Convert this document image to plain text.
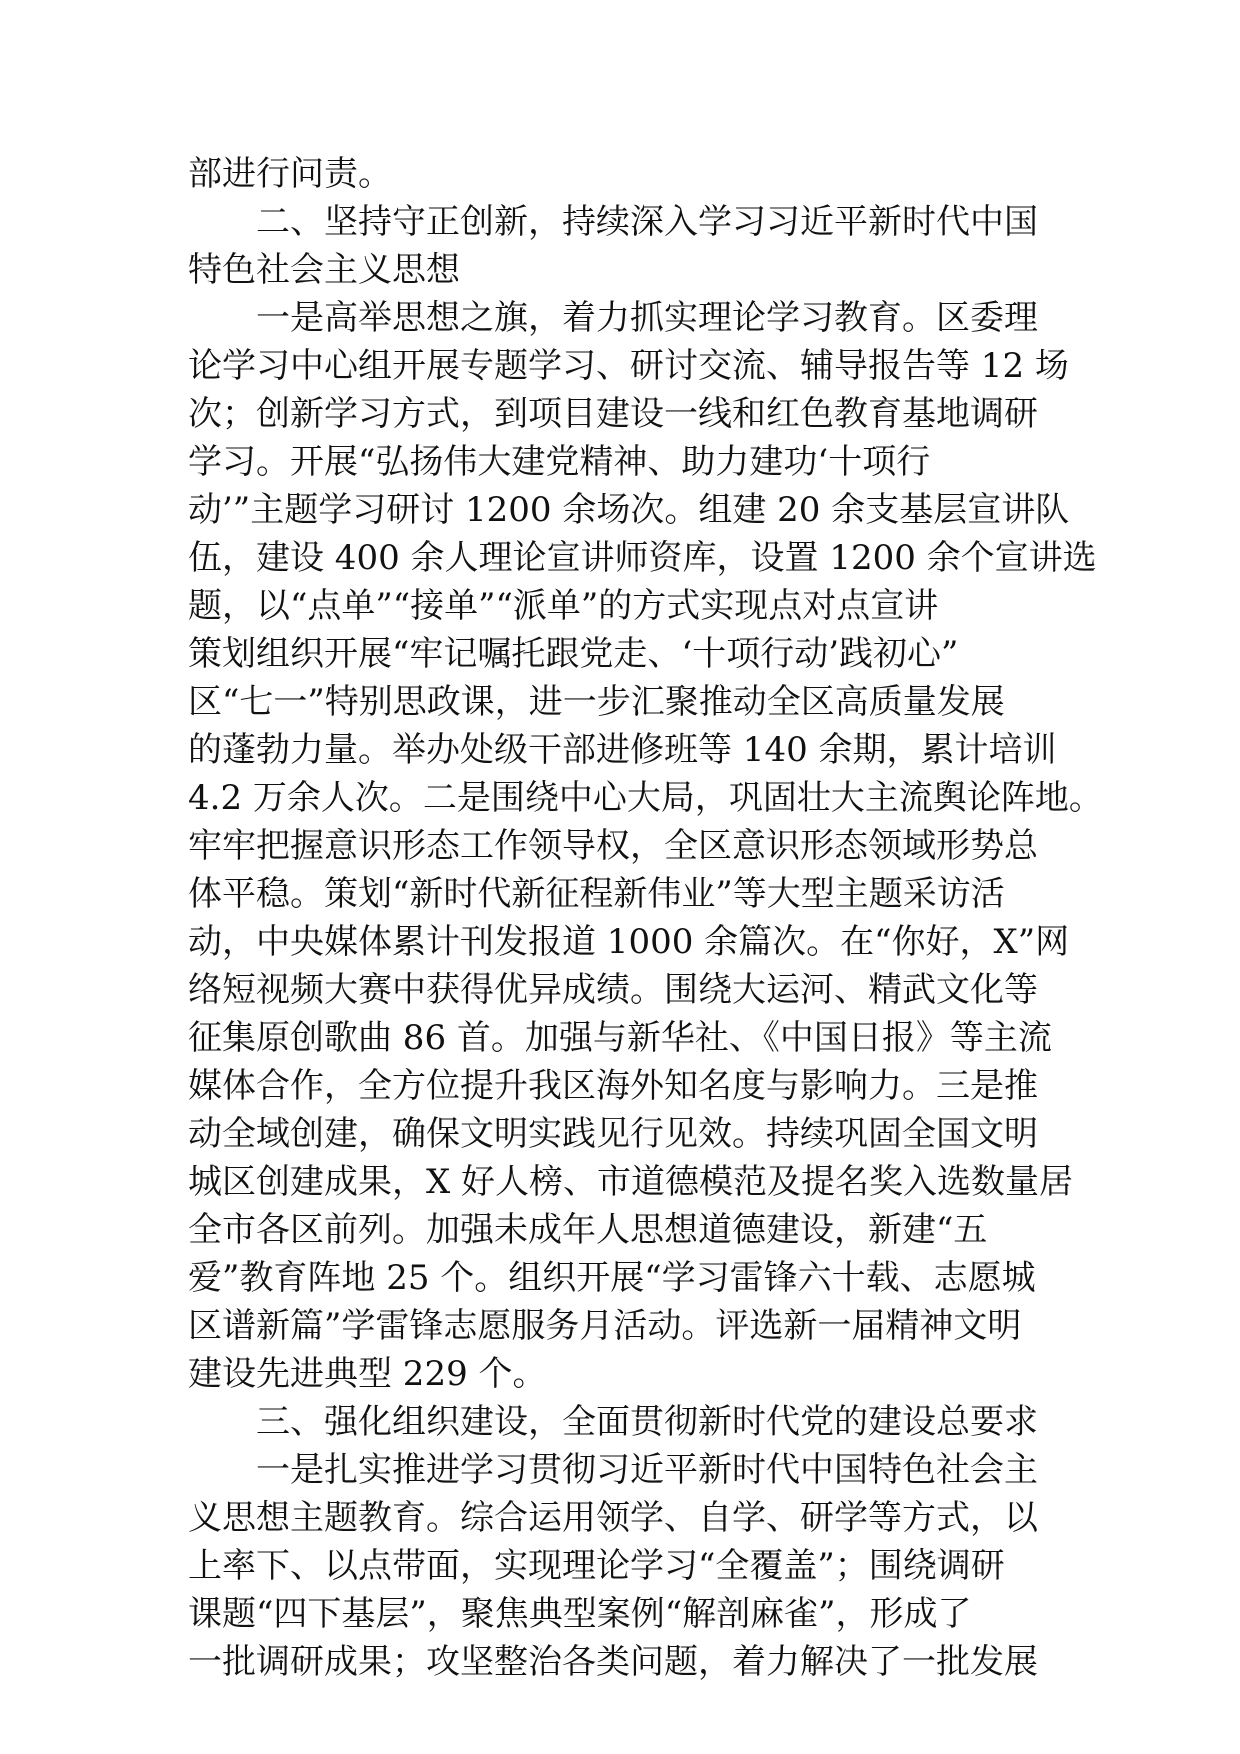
部进行问责。
二、坚持守正创新，持续深入学习习近平新时代中国
特色社会主义思想
一是高举思想之旗，着力抓实理论学习教育。区委理
论学习中心组开展专题学习、研讨交流、辅导报告等 12 场
次；创新学习方式，到项目建设一线和红色教育基地调研
学习。开展“弘扬伟大建党精神、助力建功‘十项行
动’”主题学习研讨 1200 余场次。组建 20 余支基层宣讲队
伍，建设 400 余人理论宣讲师资库，设置 1200 余个宣讲选
题，以“点单”“接单”“派单”的方式实现点对点宣讲
策划组织开展“牢记嘱托跟党走、‘十项行动’践初心”
区“七一”特别思政课，进一步汇聚推动全区高质量发展
的蓬勃力量。举办处级干部进修班等 140 余期，累计培训
4.2 万余人次。二是围绕中心大局，巩固壮大主流舆论阵地。
牢牢把握意识形态工作领导权，全区意识形态领域形势总
体平稳。策划“新时代新征程新伟业”等大型主题采访活
动，中央媒体累计刊发报道 1000 余篇次。在“你好，X”网
络短视频大赛中获得优异成绩。围绕大运河、精武文化等
征集原创歌曲 86 首。加强与新华社、《中国日报》等主流
媒体合作，全方位提升我区海外知名度与影响力。三是推
动全域创建，确保文明实践见行见效。持续巩固全国文明
城区创建成果，X 好人榜、市道德模范及提名奖入选数量居
全市各区前列。加强未成年人思想道德建设，新建“五
爱”教育阵地 25 个。组织开展“学习雷锋六十载、志愿城
区谱新篇”学雷锋志愿服务月活动。评选新一届精神文明
建设先进典型 229 个。
三、强化组织建设，全面贯彻新时代党的建设总要求
一是扎实推进学习贯彻习近平新时代中国特色社会主
义思想主题教育。综合运用领学、自学、研学等方式，以
上率下、以点带面，实现理论学习“全覆盖”；围绕调研
课题“四下基层”，聚焦典型案例“解剖麻雀”，形成了
一批调研成果；攻坚整治各类问题，着力解决了一批发展
